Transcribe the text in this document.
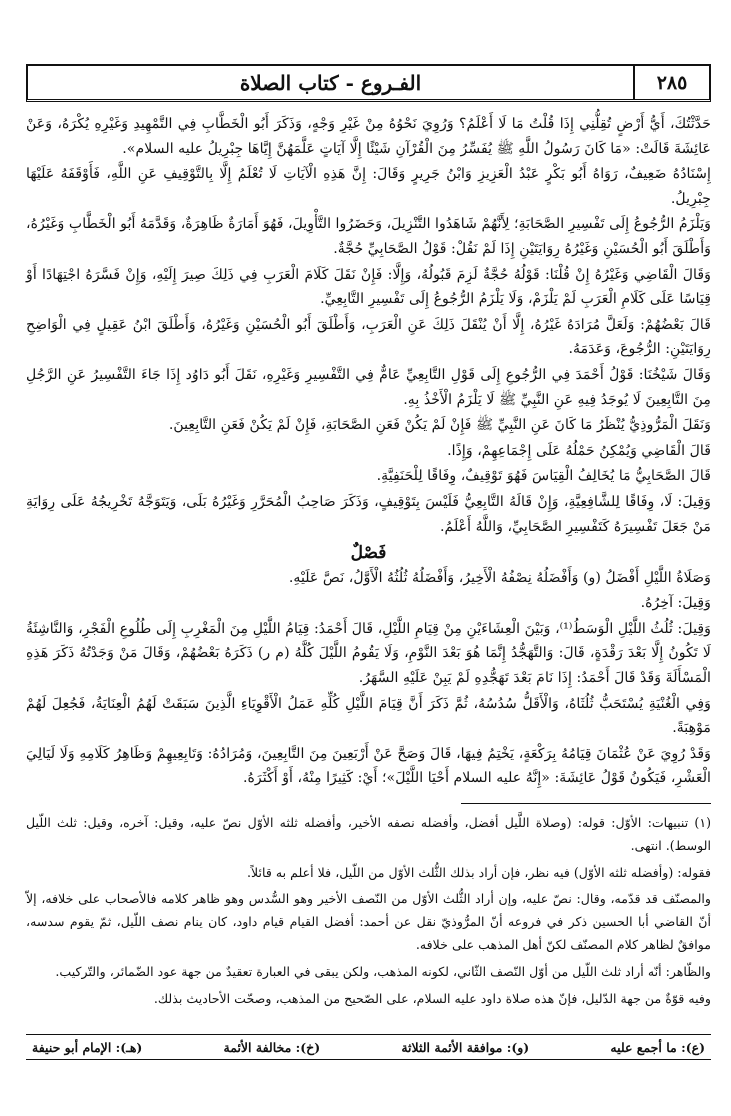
٢٨٥
الفـروع - كتاب الصلاة

حَدَّثْتُكَ، أَيُّ أَرْضٍ تُقِلُّنِي إِذَا قُلْتُ مَا لَا أَعْلَمُ؟ وَرُوِيَ نَحْوُهُ مِنْ غَيْرِ وَجْهٍ، وَذَكَرَ أَبُو الْخَطَّابِ فِي التَّمْهِيدِ وَغَيْرِهِ يُكْرَهُ، وَعَنْ عَائِشَةَ قَالَتْ: «مَا كَانَ رَسُولُ اللَّهِ ﷺ يُفَسِّرُ مِنَ الْقُرْآنِ شَيْئًا إِلَّا آيَاتٍ عَلَّمَهُنَّ إِيَّاهَا جِبْرِيلُ عليه السلام».

إِسْنَادُهُ ضَعِيفٌ، رَوَاهُ أَبُو بَكْرٍ عَبْدُ الْعَزِيزِ وَابْنُ جَرِيرٍ وَقَالَ: إِنَّ هَذِهِ الْآيَاتِ لَا تُعْلَمُ إِلَّا بِالتَّوْقِيفِ عَنِ اللَّهِ، فَأَوْقَفَهُ عَلَيْهَا جِبْرِيلُ.

وَيَلْزَمُ الرُّجُوعُ إِلَى تَفْسِيرِ الصَّحَابَةِ؛ لِأَنَّهُمْ شَاهَدُوا التَّنْزِيلَ، وَحَضَرُوا التَّأْوِيلَ، فَهُوَ أَمَارَةٌ ظَاهِرَةٌ، وَقَدَّمَهُ أَبُو الْخَطَّابِ وَغَيْرُهُ، وَأَطْلَقَ أَبُو الْحُسَيْنِ وَغَيْرُهُ رِوَايَتَيْنِ إِذَا لَمْ نَقُلْ: قَوْلُ الصَّحَابِيِّ حُجَّةٌ.

وَقَالَ الْقَاضِي وَغَيْرُهُ إِنْ قُلْنَا: قَوْلُهُ حُجَّةٌ لَزِمَ قَبُولُهُ، وَإِلَّا: فَإِنْ نَقَلَ كَلَامَ الْعَرَبِ فِي ذَلِكَ صِيرَ إِلَيْهِ، وَإِنْ فَسَّرَهُ اجْتِهَادًا أَوْ قِيَاسًا عَلَى كَلَامِ الْعَرَبِ لَمْ يَلْزَمْ، وَلَا يَلْزَمُ الرُّجُوعُ إِلَى تَفْسِيرِ التَّابِعِيِّ.

قَالَ بَعْضُهُمْ: وَلَعَلَّ مُرَادَهُ غَيْرُهُ، إِلَّا أَنْ يُنْقَلَ ذَلِكَ عَنِ الْعَرَبِ، وَأَطْلَقَ أَبُو الْحُسَيْنِ وَغَيْرُهُ، وَأَطْلَقَ ابْنُ عَقِيلٍ فِي الْوَاضِحِ رِوَايَتَيْنِ: الرُّجُوعَ، وَعَدَمَهُ.

وَقَالَ شَيْخُنَا: قَوْلُ أَحْمَدَ فِي الرُّجُوعِ إِلَى قَوْلِ التَّابِعِيِّ عَامٌّ فِي التَّفْسِيرِ وَغَيْرِهِ، نَقَلَ أَبُو دَاوُد إِذَا جَاءَ التَّفْسِيرُ عَنِ الرَّجُلِ مِنَ التَّابِعِينَ لَا يُوجَدُ فِيهِ عَنِ النَّبِيِّ ﷺ لَا يَلْزَمُ الْأَخْذُ بِهِ.

وَنَقَلَ الْمَرُّوذِيُّ يُنْظَرُ مَا كَانَ عَنِ النَّبِيِّ ﷺ فَإِنْ لَمْ يَكُنْ فَعَنِ الصَّحَابَةِ، فَإِنْ لَمْ يَكُنْ فَعَنِ التَّابِعِينَ.

قَالَ الْقَاضِي وَيُمْكِنُ حَمْلُهُ عَلَى إِجْمَاعِهِمْ، وَإِذًا.

قَالَ الصَّحَابِيُّ مَا يُخَالِفُ الْقِيَاسَ فَهُوَ تَوْقِيفٌ، وِفَاقًا لِلْحَنَفِيَّةِ.

وَقِيلَ: لَا، وِفَاقًا لِلشَّافِعِيَّةِ، وَإِنْ قَالَهُ التَّابِعِيُّ فَلَيْسَ بِتَوْقِيفٍ، وَذَكَرَ صَاحِبُ الْمُحَرَّرِ وَغَيْرُهُ بَلَى، وَيَتَوَجَّهُ تَخْرِيجُهُ عَلَى رِوَايَةِ مَنْ جَعَلَ تَفْسِيرَهُ كَتَفْسِيرِ الصَّحَابِيِّ، وَاللَّهُ أَعْلَمُ.

فَصْلٌ

وَصَلَاةُ اللَّيْلِ أَفْضَلُ (و) وَأَفْضَلُهُ نِصْفُهُ الْأَخِيرُ، وَأَفْضَلُهُ ثُلُثُهُ الْأَوَّلُ، نَصَّ عَلَيْهِ.

وَقِيلَ: آخِرُهُ.

وَقِيلَ: ثُلُثُ اللَّيْلِ الْوَسَطُ⁽¹⁾، وَبَيْنَ الْعِشَاءَيْنِ مِنْ قِيَامِ اللَّيْلِ، قَالَ أَحْمَدُ: قِيَامُ اللَّيْلِ مِنَ الْمَغْرِبِ إِلَى طُلُوعِ الْفَجْرِ، وَالنَّاشِئَةُ لَا تَكُونُ إِلَّا بَعْدَ رَقْدَةٍ، قَالَ: وَالتَّهَجُّدُ إِنَّمَا هُوَ بَعْدَ النَّوْمِ، وَلَا يَقُومُ اللَّيْلَ كُلَّهُ (م ر) ذَكَرَهُ بَعْضُهُمْ، وَقَالَ مَنْ وَجَدْتُهُ ذَكَرَ هَذِهِ الْمَسْأَلَةَ وَقَدْ قَالَ أَحْمَدُ: إِذَا نَامَ بَعْدَ تَهَجُّدِهِ لَمْ يَبِنْ عَلَيْهِ السَّهَرُ.

وَفِي الْغُنْيَةِ يُسْتَحَبُّ ثُلُثَاهُ، وَالْأَقَلُّ سُدُسُهُ، ثُمَّ ذَكَرَ أَنَّ قِيَامَ اللَّيْلِ كُلِّهِ عَمَلُ الْأَقْوِيَاءِ الَّذِينَ سَبَقَتْ لَهُمُ الْعِنَايَةُ، فَجُعِلَ لَهُمْ مَوْهِبَةً.

وَقَدْ رُوِيَ عَنْ عُثْمَانَ قِيَامُهُ بِرَكْعَةٍ، يَخْتِمُ فِيهَا، قَالَ وَصَحَّ عَنْ أَرْبَعِينَ مِنَ التَّابِعِينَ، وَمُرَادُهُ: وَتَابِعِيهِمْ وَظَاهِرُ كَلَامِهِ وَلَا لَيَالِيَ الْعَشْرِ، فَيَكُونُ قَوْلُ عَائِشَةَ: «إِنَّهُ عليه السلام أَحْيَا اللَّيْلَ»؛ أَيْ: كَثِيرًا مِنْهُ، أَوْ أَكْثَرَهُ.

(١) تنبيهات: الأوّل: قوله: (وصلاة اللَّيل أفضل، وأفضله نصفه الأخير، وأفضله ثلثه الأوّل نصّ عليه، وقيل: آخره، وقيل: ثلث اللّيل الوسط). انتهى.

فقوله: (وأفضله ثلثه الأوّل) فيه نظر، فإن أراد بذلك الثُّلث الأوّل من اللّيل، فلا أعلم به قائلاً.

والمصنّف قد قدّمه، وقال: نصّ عليه، وإن أراد الثُّلث الأوّل من النّصف الأخير وهو السُّدس وهو ظاهر كلامه فالأصحاب على خلافه، إلاّ أنّ القاضي أبا الحسين ذكر في فروعه أنّ المرُّوذيّ نقل عن أحمد: أفضل القيام قيام داود، كان ينام نصف اللّيل، ثمّ يقوم سدسه، موافقٌ لظاهر كلام المصنّف لكنّ أهل المذهب على خلافه.

والظّاهر: أنّه أراد ثلث اللّيل من أوّل النّصف الثّاني، لكونه المذهب، ولكن يبقى في العبارة تعقيدٌ من جهة عود الضّمائر، والتّركيب.

وفيه قوّةٌ من جهة الدّليل، فإنّ هذه صلاة داود عليه السلام، على الصّحيح من المذهب، وصحّت الأحاديث بذلك.

(ع): ما أجمع عليه
(و): موافقة الأئمة الثلاثة
(خ): مخالفة الأئمة
(هـ): الإمام أبو حنيفة
